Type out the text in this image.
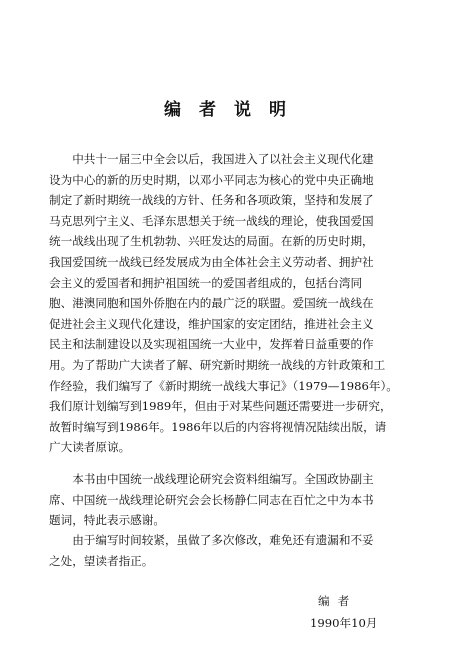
编者说明

　　中共十一届三中全会以后，我国进入了以社会主义现代化建
设为中心的新的历史时期，以邓小平同志为核心的党中央正确地
制定了新时期统一战线的方针、任务和各项政策，坚持和发展了
马克思列宁主义、毛泽东思想关于统一战线的理论，使我国爱国
统一战线出现了生机勃勃、兴旺发达的局面。在新的历史时期，
我国爱国统一战线已经发展成为由全体社会主义劳动者、拥护社
会主义的爱国者和拥护祖国统一的爱国者组成的，包括台湾同
胞、港澳同胞和国外侨胞在内的最广泛的联盟。爱国统一战线在
促进社会主义现代化建设，维护国家的安定团结，推进社会主义
民主和法制建设以及实现祖国统一大业中，发挥着日益重要的作
用。为了帮助广大读者了解、研究新时期统一战线的方针政策和工
作经验，我们编写了《新时期统一战线大事记》（1979—1986年）。
我们原计划编写到1989年，但由于对某些问题还需要进一步研究，
故暂时编写到1986年。1986年以后的内容将视情况陆续出版，请
广大读者原谅。

　　本书由中国统一战线理论研究会资料组编写。全国政协副主
席、中国统一战线理论研究会会长杨静仁同志在百忙之中为本书
题词，特此表示感谢。
　　由于编写时间较紧，虽做了多次修改，难免还有遗漏和不妥
之处，望读者指正。
编者
1990年10月
